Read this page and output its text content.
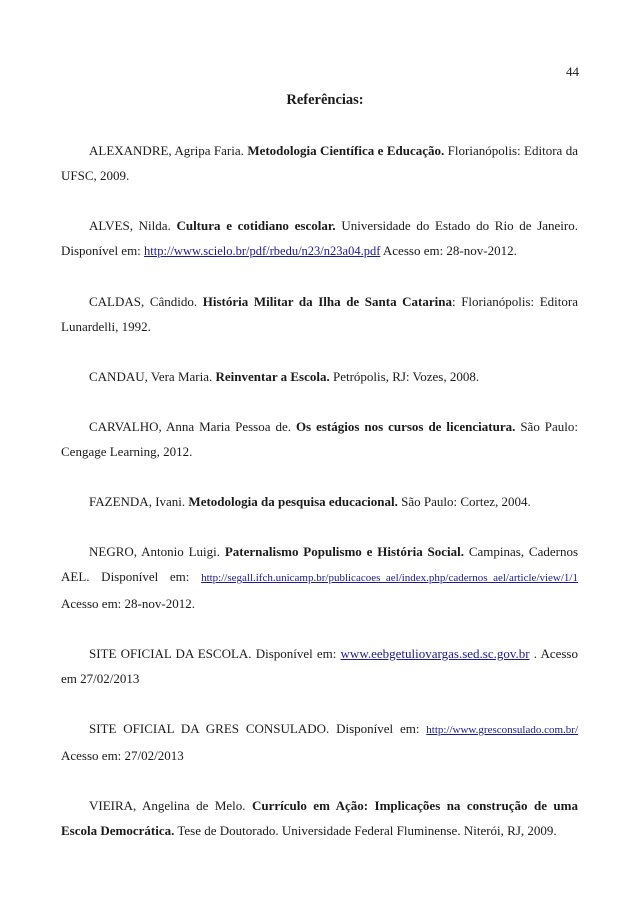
44
Referências:

ALEXANDRE, Agripa Faria. Metodologia Científica e Educação. Florianópolis: Editora da UFSC, 2009.

ALVES, Nilda. Cultura e cotidiano escolar. Universidade do Estado do Rio de Janeiro. Disponível em: http://www.scielo.br/pdf/rbedu/n23/n23a04.pdf Acesso em: 28-nov-2012.

CALDAS, Cândido. História Militar da Ilha de Santa Catarina: Florianópolis: Editora Lunardelli, 1992.

CANDAU, Vera Maria. Reinventar a Escola. Petrópolis, RJ: Vozes, 2008.

CARVALHO, Anna Maria Pessoa de. Os estágios nos cursos de licenciatura. São Paulo: Cengage Learning, 2012.

FAZENDA, Ivani. Metodologia da pesquisa educacional. São Paulo: Cortez, 2004.

NEGRO, Antonio Luigi. Paternalismo Populismo e História Social. Campinas, Cadernos AEL. Disponível em: http://segall.ifch.unicamp.br/publicacoes_ael/index.php/cadernos_ael/article/view/1/1 Acesso em: 28-nov-2012.

SITE OFICIAL DA ESCOLA. Disponível em: www.eebgetuliovargas.sed.sc.gov.br . Acesso em 27/02/2013

SITE OFICIAL DA GRES CONSULADO. Disponível em: http://www.gresconsulado.com.br/ Acesso em: 27/02/2013

VIEIRA, Angelina de Melo. Currículo em Ação: Implicações na construção de uma Escola Democrática. Tese de Doutorado. Universidade Federal Fluminense. Niterói, RJ, 2009.
